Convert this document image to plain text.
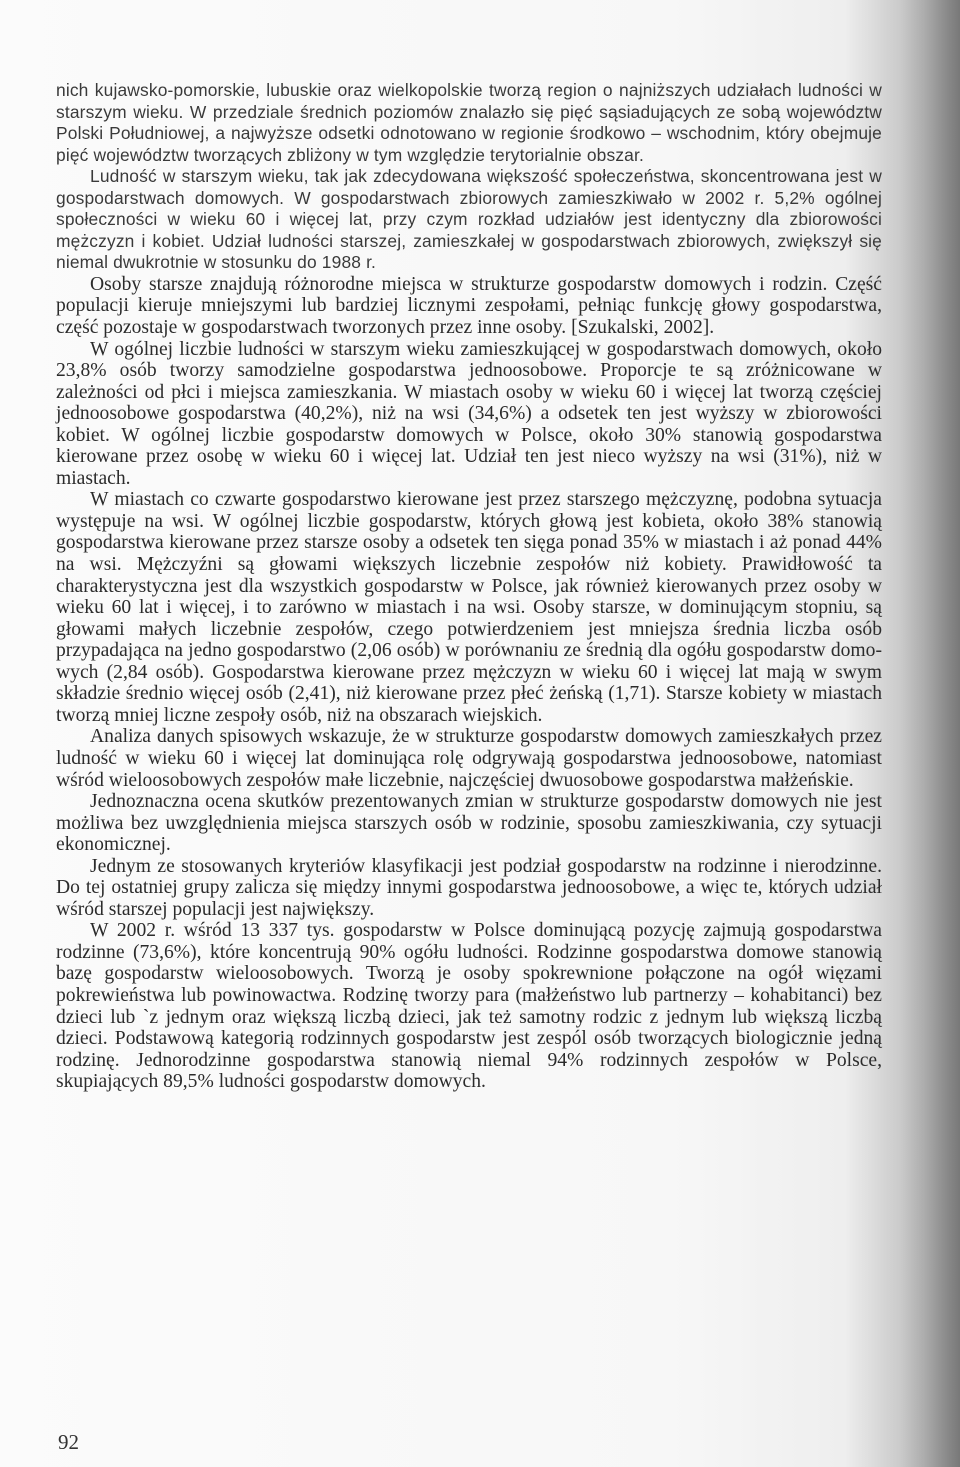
nich kujawsko-pomorskie, lubuskie oraz wielkopolskie tworzą region o najniższych udziałach ludności w starszym wieku. W przedziale średnich poziomów znalazło się pięć sąsiadujących ze sobą województw Polski Południowej, a najwyższe odsetki odnotowano w regionie środkowo – wschodnim, który obejmuje pięć województw tworzących zbliżony w tym względzie terytorialnie obszar.

Ludność w starszym wieku, tak jak zdecydowana większość społeczeństwa, skoncentrowana jest w gospodarstwach domowych. W gospodarstwach zbiorowych zamieszkiwało w 2002 r. 5,2% ogólnej społeczności w wieku 60 i więcej lat, przy czym rozkład udziałów jest identyczny dla zbiorowości mężczyzn i kobiet. Udział ludności starszej, zamieszkałej w gospodarstwach zbiorowych, zwiększył się niemal dwukrotnie w stosunku do 1988 r.

Osoby starsze znajdują różnorodne miejsca w strukturze gospodarstw domowych i rodzin. Część populacji kieruje mniejszymi lub bardziej licznymi zespołami, pełniąc funkcję głowy gospodarstwa, część pozostaje w gospodarstwach tworzonych przez inne osoby. [Szukalski, 2002].

W ogólnej liczbie ludności w starszym wieku zamieszkującej w gospodarstwach domowych, około 23,8% osób tworzy samodzielne gospodarstwa jednoosobowe. Proporcje te są zróżnicowane w zależności od płci i miejsca zamieszkania. W miastach osoby w wieku 60 i więcej lat tworzą częściej jednoosobowe gospodarstwa (40,2%), niż na wsi (34,6%) a odsetek ten jest wyższy w zbiorowości kobiet. W ogólnej liczbie gospodarstw domowych w Polsce, około 30% stanowią gospodarstwa kierowane przez osobę w wieku 60 i więcej lat. Udział ten jest nieco wyższy na wsi (31%), niż w miastach.

W miastach co czwarte gospodarstwo kierowane jest przez starszego mężczyznę, podobna sytuacja występuje na wsi. W ogólnej liczbie gospodarstw, których głową jest kobieta, około 38% stanowią gospodarstwa kierowane przez starsze osoby a odsetek ten sięga ponad 35% w miastach i aż ponad 44% na wsi. Mężczyźni są głowami większych liczebnie zespołów niż kobiety. Prawidłowość ta charakterystyczna jest dla wszystkich gospodarstw w Polsce, jak również kierowanych przez osoby w wieku 60 lat i więcej, i to zarówno w miastach i na wsi. Osoby starsze, w dominującym stopniu, są głowami małych liczebnie zespołów, czego potwierdzeniem jest mniejsza średnia liczba osób przypadająca na jedno gospodarstwo (2,06 osób) w porównaniu ze średnią dla ogółu gospodarstw domowych (2,84 osób). Gospodarstwa kierowane przez mężczyzn w wieku 60 i więcej lat mają w swym składzie średnio więcej osób (2,41), niż kierowane przez płeć żeńską (1,71). Starsze kobiety w miastach tworzą mniej liczne zespoły osób, niż na obszarach wiejskich.

Analiza danych spisowych wskazuje, że w strukturze gospodarstw domowych zamieszkałych przez ludność w wieku 60 i więcej lat dominująca rolę odgrywają gospodarstwa jednoosobowe, natomiast wśród wieloosobowych zespołów małe liczebnie, najczęściej dwuosobowe gospodarstwa małżeńskie.

Jednoznaczna ocena skutków prezentowanych zmian w strukturze gospodarstw domowych nie jest możliwa bez uwzględnienia miejsca starszych osób w rodzinie, sposobu zamieszkiwania, czy sytuacji ekonomicznej.

Jednym ze stosowanych kryteriów klasyfikacji jest podział gospodarstw na rodzinne i nierodzinne. Do tej ostatniej grupy zalicza się między innymi gospodarstwa jednoosobowe, a więc te, których udział wśród starszej populacji jest największy.

W 2002 r. wśród 13 337 tys. gospodarstw w Polsce dominującą pozycję zajmują gospodarstwa rodzinne (73,6%), które koncentrują 90% ogółu ludności. Rodzinne gospodarstwa domowe stanowią bazę gospodarstw wieloosobowych. Tworzą je osoby spokrewnione połączone na ogół więzami pokrewieństwa lub powinowactwa. Rodzinę tworzy para (małżeństwo lub partnerzy – kohabitanci) bez dzieci lub `z jednym oraz większą liczbą dzieci, jak też samotny rodzic z jednym lub większą liczbą dzieci. Podstawową kategorią rodzinnych gospodarstw jest zespól osób tworzących biologicznie jedną rodzinę. Jednorodzinne gospodarstwa stanowią niemal 94% rodzinnych zespołów w Polsce, skupiających 89,5% ludności gospodarstw domowych.

92
